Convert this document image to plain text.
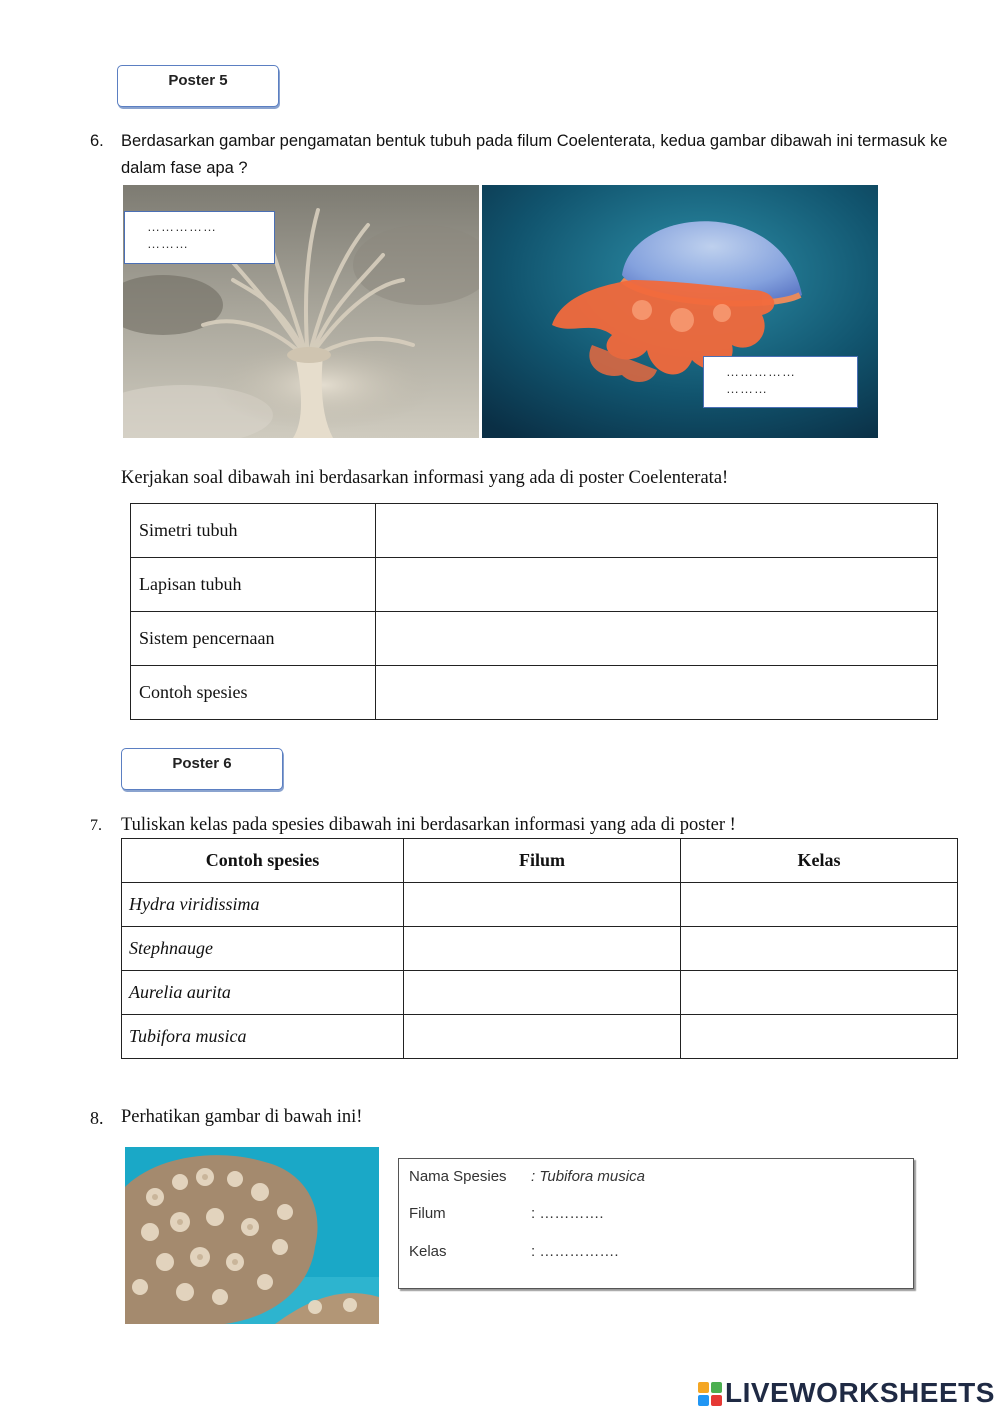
Poster 5
6. Berdasarkan gambar pengamatan bentuk tubuh pada filum Coelenterata, kedua gambar dibawah ini termasuk ke dalam fase apa ?
……………
………
……………
………
Kerjakan soal dibawah ini berdasarkan informasi yang ada di poster Coelenterata!
Simetri tubuh	
Lapisan tubuh	
Sistem pencernaan	
Contoh spesies	
Poster 6
7. Tuliskan kelas pada spesies dibawah ini berdasarkan informasi yang ada di poster !
Contoh spesies	Filum	Kelas
Hydra viridissima		
Stephnauge		
Aurelia aurita		
Tubifora musica		
8. Perhatikan gambar di bawah ini!
Nama Spesies : Tubifora musica
Filum	: ………….
Kelas	: …………….
LIVEWORKSHEETS
